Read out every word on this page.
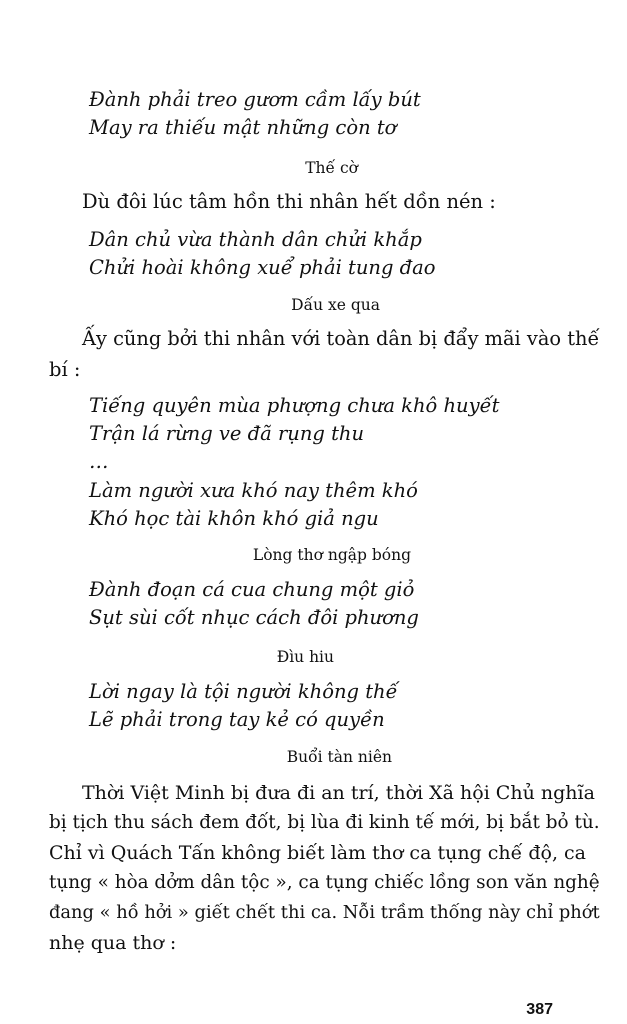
Đành phải treo gươm cầm lấy bút
May ra thiếu mật những còn tơ
Thế cờ
Dù đôi lúc tâm hồn thi nhân hết dồn nén :
Dân chủ vừa thành dân chửi khắp
Chửi hoài không xuể phải tung đao
Dấu xe qua
Ấy cũng bởi thi nhân với toàn dân bị đẩy mãi vào thế
bí :
Tiếng quyên mùa phượng chưa khô huyết
Trận lá rừng ve đã rụng thu
…
Làm người xưa khó nay thêm khó
Khó học tài khôn khó giả ngu
Lòng thơ ngập bóng
Đành đoạn cá cua chung một giỏ
Sụt sùi cốt nhục cách đôi phương
Đìu hiu
Lời ngay là tội người không thế
Lẽ phải trong tay kẻ có quyền
Buổi tàn niên
Thời Việt Minh bị đưa đi an trí, thời Xã hội Chủ nghĩa
bị tịch thu sách đem đốt, bị lùa đi kinh tế mới, bị bắt bỏ tù.
Chỉ vì Quách Tấn không biết làm thơ ca tụng chế độ, ca
tụng « hòa dởm dân tộc », ca tụng chiếc lồng son văn nghệ
đang « hồ hởi » giết chết thi ca. Nỗi trầm thống này chỉ phớt
nhẹ qua thơ :
387
